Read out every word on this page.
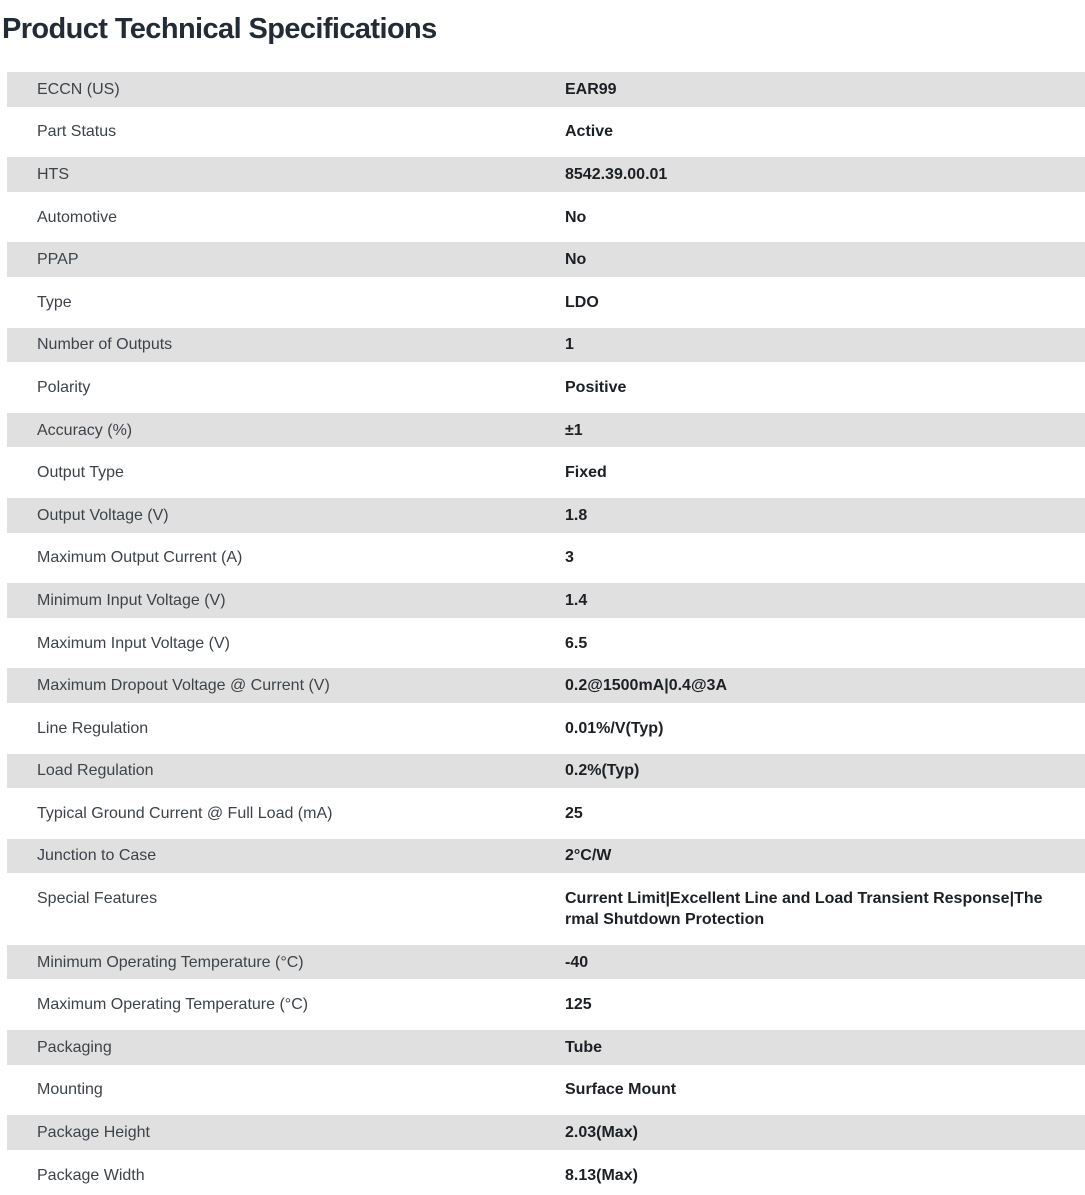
Product Technical Specifications
ECCN (US)	EAR99
Part Status	Active
HTS	8542.39.00.01
Automotive	No
PPAP	No
Type	LDO
Number of Outputs	1
Polarity	Positive
Accuracy (%)	±1
Output Type	Fixed
Output Voltage (V)	1.8
Maximum Output Current (A)	3
Minimum Input Voltage (V)	1.4
Maximum Input Voltage (V)	6.5
Maximum Dropout Voltage @ Current (V)	0.2@1500mA|0.4@3A
Line Regulation	0.01%/V(Typ)
Load Regulation	0.2%(Typ)
Typical Ground Current @ Full Load (mA)	25
Junction to Case	2°C/W
Special Features	Current Limit|Excellent Line and Load Transient Response|Thermal Shutdown Protection
Minimum Operating Temperature (°C)	-40
Maximum Operating Temperature (°C)	125
Packaging	Tube
Mounting	Surface Mount
Package Height	2.03(Max)
Package Width	8.13(Max)
